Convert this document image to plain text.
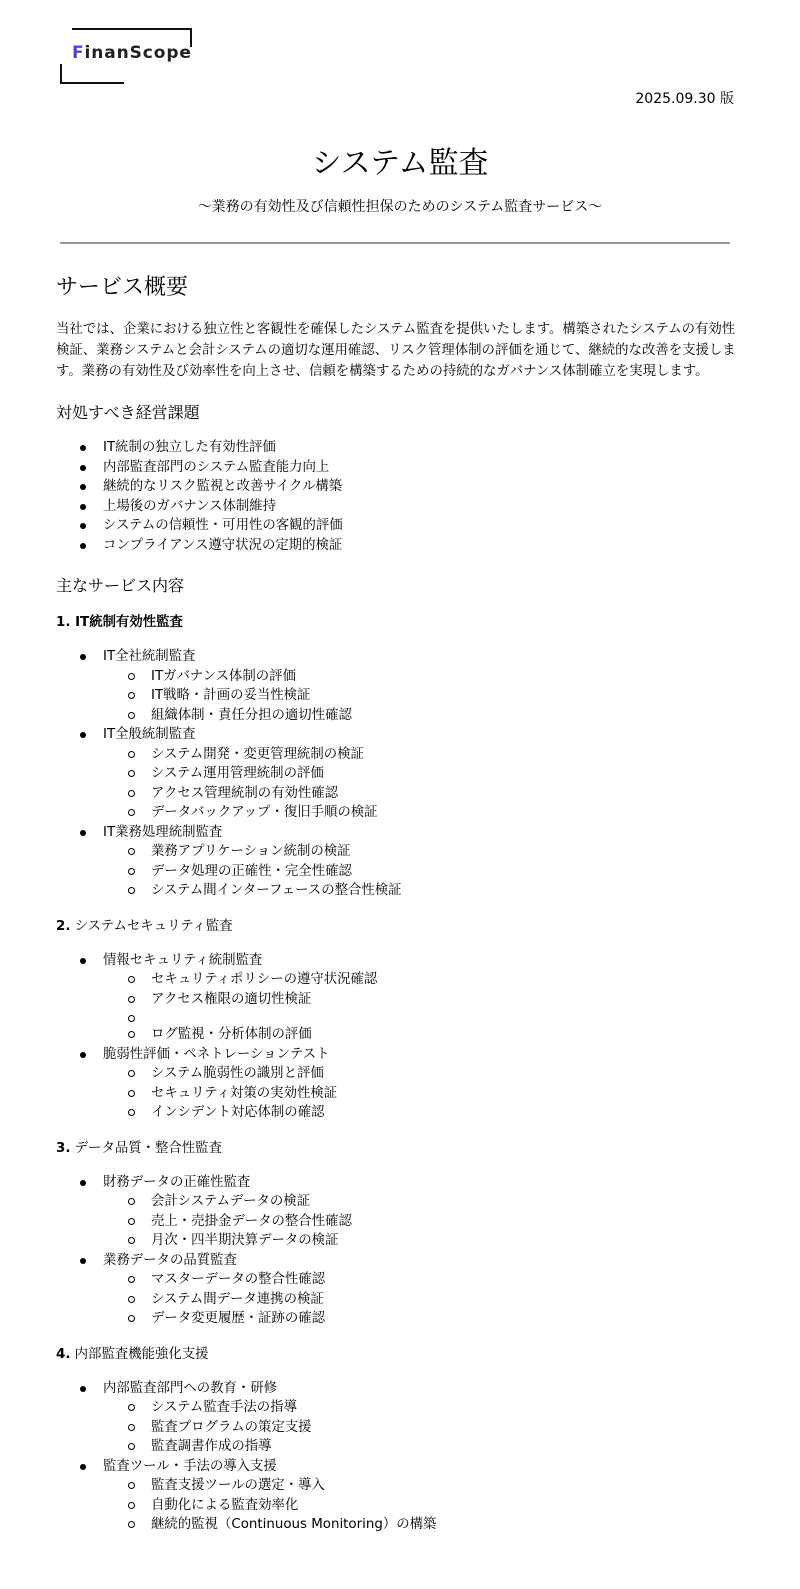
FinanScope
2025.09.30 版
システム監査
～業務の有効性及び信頼性担保のためのシステム監査サービス～
サービス概要

当社では、企業における独立性と客観性を確保したシステム監査を提供いたします。構築されたシステムの有効性検証、業務システムと会計システムの適切な運用確認、リスク管理体制の評価を通じて、継続的な改善を支援します。業務の有効性及び効率性を向上させ、信頼を構築するための持続的なガバナンス体制確立を実現します。

対処すべき経営課題
IT統制の独立した有効性評価
内部監査部門のシステム監査能力向上
継続的なリスク監視と改善サイクル構築
上場後のガバナンス体制維持
システムの信頼性・可用性の客観的評価
コンプライアンス遵守状況の定期的検証
主なサービス内容
1. IT統制有効性監査
IT全社統制監査
ITガバナンス体制の評価
IT戦略・計画の妥当性検証
組織体制・責任分担の適切性確認
IT全般統制監査
システム開発・変更管理統制の検証
システム運用管理統制の評価
アクセス管理統制の有効性確認
データバックアップ・復旧手順の検証
IT業務処理統制監査
業務アプリケーション統制の検証
データ処理の正確性・完全性確認
システム間インターフェースの整合性検証
2. システムセキュリティ監査
情報セキュリティ統制監査
セキュリティポリシーの遵守状況確認
アクセス権限の適切性検証
ログ監視・分析体制の評価
脆弱性評価・ペネトレーションテスト
システム脆弱性の識別と評価
セキュリティ対策の実効性検証
インシデント対応体制の確認
3. データ品質・整合性監査
財務データの正確性監査
会計システムデータの検証
売上・売掛金データの整合性確認
月次・四半期決算データの検証
業務データの品質監査
マスターデータの整合性確認
システム間データ連携の検証
データ変更履歴・証跡の確認
4. 内部監査機能強化支援
内部監査部門への教育・研修
システム監査手法の指導
監査プログラムの策定支援
監査調書作成の指導
監査ツール・手法の導入支援
監査支援ツールの選定・導入
自動化による監査効率化
継続的監視（Continuous Monitoring）の構築
